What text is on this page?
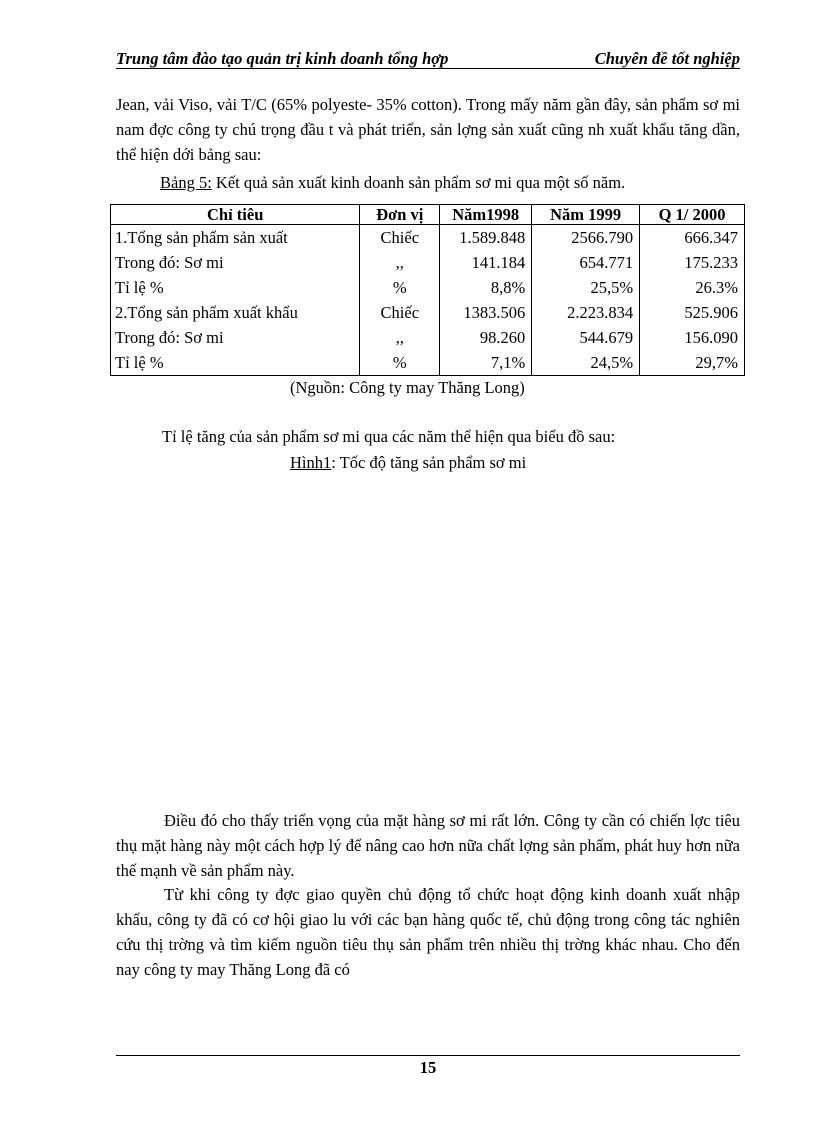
Trung tâm đào tạo quản trị kinh doanh tổng hợp	Chuyên đề tốt nghiệp

Jean, vải Viso, vải T/C (65% polyeste- 35% cotton). Trong mấy năm gần đây, sản phẩm sơ mi nam đợc công ty chú trọng đầu t và phát triển, sản lợng sản xuất cũng nh xuất khẩu tăng dần, thể hiện dới bảng sau:

Bảng 5: Kết quả sản xuất kinh doanh sản phẩm sơ mi qua một số năm.

Chỉ tiêu	Đơn vị	Năm1998	Năm 1999	Q 1/ 2000
1.Tổng sản phẩm sản xuất	Chiếc	1.589.848	2566.790	666.347
Trong đó: Sơ mi	,,	141.184	654.771	175.233
Tỉ lệ %	%	8,8%	25,5%	26.3%
2.Tổng sản phẩm xuất khẩu	Chiếc	1383.506	2.223.834	525.906
Trong đó: Sơ mi	,,	98.260	544.679	156.090
Tỉ lệ %	%	7,1%	24,5%	29,7%

(Nguồn: Công ty may Thăng Long)

Tỉ lệ tăng của sản phẩm sơ mi qua các năm thể hiện qua biểu đồ sau:

Hình1: Tốc độ tăng sản phẩm sơ mi

Điều đó cho thấy triển vọng của mặt hàng sơ mi rất lớn. Công ty cần có chiến lợc tiêu thụ mặt hàng này một cách hợp lý để nâng cao hơn nữa chất lợng sản phẩm, phát huy hơn nữa thế mạnh về sản phẩm này.

Từ khi công ty đợc giao quyền chủ động tổ chức hoạt động kinh doanh xuất nhập khẩu, công ty đã có cơ hội giao lu với các bạn hàng quốc tế, chủ động trong công tác nghiên cứu thị trờng và tìm kiếm nguồn tiêu thụ sản phẩm trên nhiều thị trờng khác nhau. Cho đến nay công ty may Thăng Long đã có

15
